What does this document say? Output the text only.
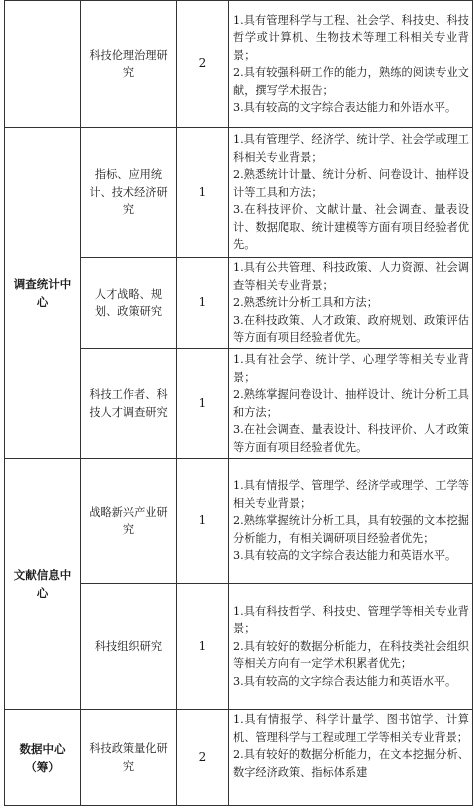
	科技伦理治理研究	2	1.具有管理科学与工程、社会学、科技史、科技哲学或计算机、生物技术等理工科相关专业背景；
2.具有较强科研工作的能力，熟练的阅读专业文献，撰写学术报告；
3.具有较高的文字综合表达能力和外语水平。

调查统计中心	指标、应用统计、技术经济研究	1	1.具有管理学、经济学、统计学、社会学或理工科相关专业背景；
2.熟悉统计计量、统计分析、问卷设计、抽样设计等工具和方法；
3.在科技评价、文献计量、社会调查、量表设计、数据爬取、统计建模等方面有项目经验者优先。

	人才战略、规划、政策研究	1	1.具有公共管理、科技政策、人力资源、社会调查等相关专业背景；
2.熟悉统计分析工具和方法；
3.在科技政策、人才政策、政府规划、政策评估等方面有项目经验者优先。

	科技工作者、科技人才调查研究	1	1.具有社会学、统计学、心理学等相关专业背景；
2.熟练掌握问卷设计、抽样设计、统计分析工具和方法；
3.在社会调查、量表设计、科技评价、人才政策等方面有项目经验者优先。

文献信息中心	战略新兴产业研究	1	1.具有情报学、管理学、经济学或理学、工学等相关专业背景；
2.熟练掌握统计分析工具，具有较强的文本挖掘分析能力，有相关调研项目经验者优先；
3.具有较高的文字综合表达能力和英语水平。

	科技组织研究	1	1.具有科技哲学、科技史、管理学等相关专业背景；
2.具有较好的数据分析能力，在科技类社会组织等相关方向有一定学术积累者优先；
3.具有较高的文字综合表达能力和英语水平。

数据中心（筹）	科技政策量化研究	2	1.具有情报学、科学计量学、图书馆学、计算机、管理科学与工程或理工学等相关专业背景；
2.具有较好的数据分析能力，在文本挖掘分析、数字经济政策、指标体系建
